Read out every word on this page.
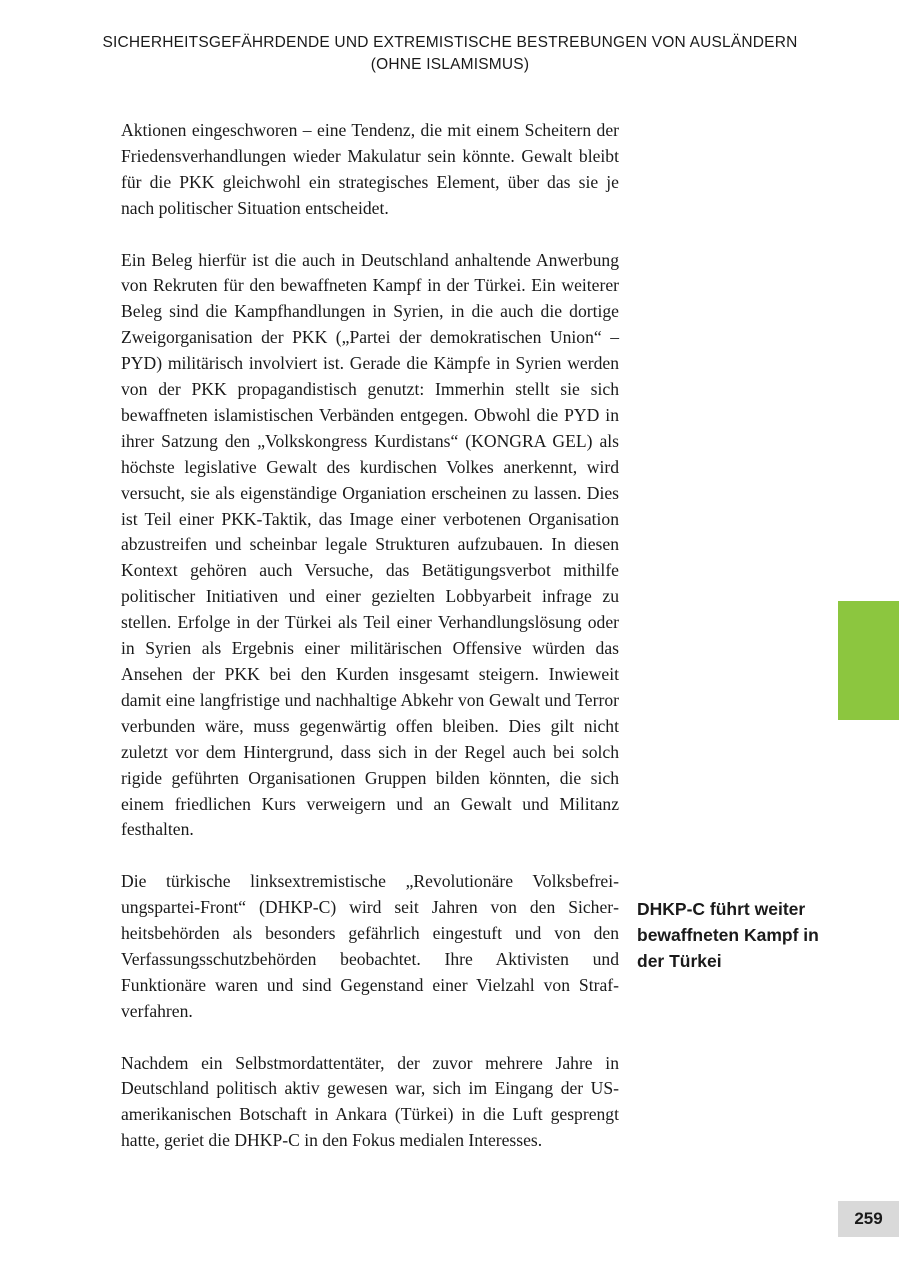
SICHERHEITSGEFÄHRDENDE UND EXTREMISTISCHE BESTREBUNGEN VON AUSLÄNDERN
(OHNE ISLAMISMUS)

Aktionen eingeschworen – eine Tendenz, die mit einem Scheitern der Friedensverhandlungen wieder Makulatur sein könnte. Gewalt bleibt für die PKK gleichwohl ein strategisches Element, über das sie je nach politischer Situation entscheidet.

Ein Beleg hierfür ist die auch in Deutschland anhaltende Anwerbung von Rekruten für den bewaffneten Kampf in der Türkei. Ein weiterer Beleg sind die Kampfhandlungen in Syrien, in die auch die dortige Zweigorganisation der PKK („Partei der demokratischen Union“ – PYD) militärisch involviert ist. Gerade die Kämpfe in Syrien werden von der PKK propagandistisch genutzt: Immerhin stellt sie sich bewaffneten islamistischen Verbänden entgegen. Obwohl die PYD in ihrer Satzung den „Volkskongress Kurdistans“ (KONGRA GEL) als höchste legislative Gewalt des kurdischen Volkes anerkennt, wird versucht, sie als eigenständige Organiation erscheinen zu lassen. Dies ist Teil einer PKK-Taktik, das Image einer verbotenen Organisation abzustreifen und scheinbar legale Strukturen aufzubauen. In diesen Kontext gehören auch Versuche, das Betätigungsverbot mithilfe politischer Initiativen und einer gezielten Lobbyarbeit infrage zu stellen. Erfolge in der Türkei als Teil einer Verhandlungslösung oder in Syrien als Ergebnis einer militärischen Offensive würden das Ansehen der PKK bei den Kurden insgesamt steigern. Inwieweit damit eine langfristige und nachhaltige Abkehr von Gewalt und Terror verbunden wäre, muss gegenwärtig offen bleiben. Dies gilt nicht zuletzt vor dem Hintergrund, dass sich in der Regel auch bei solch rigide geführten Organisationen Gruppen bilden könnten, die sich einem friedlichen Kurs verweigern und an Gewalt und Militanz festhalten.

Die türkische linksextremistische „Revolutionäre Volksbefreiungspartei-Front“ (DHKP-C) wird seit Jahren von den Sicherheitsbehörden als besonders gefährlich eingestuft und von den Verfassungsschutzbehörden beobachtet. Ihre Aktivisten und Funktionäre waren und sind Gegenstand einer Vielzahl von Strafverfahren.

Nachdem ein Selbstmordattentäter, der zuvor mehrere Jahre in Deutschland politisch aktiv gewesen war, sich im Eingang der US-amerikanischen Botschaft in Ankara (Türkei) in die Luft gesprengt hatte, geriet die DHKP-C in den Fokus medialen Interesses.

DHKP-C führt weiter bewaffneten Kampf in der Türkei
259
